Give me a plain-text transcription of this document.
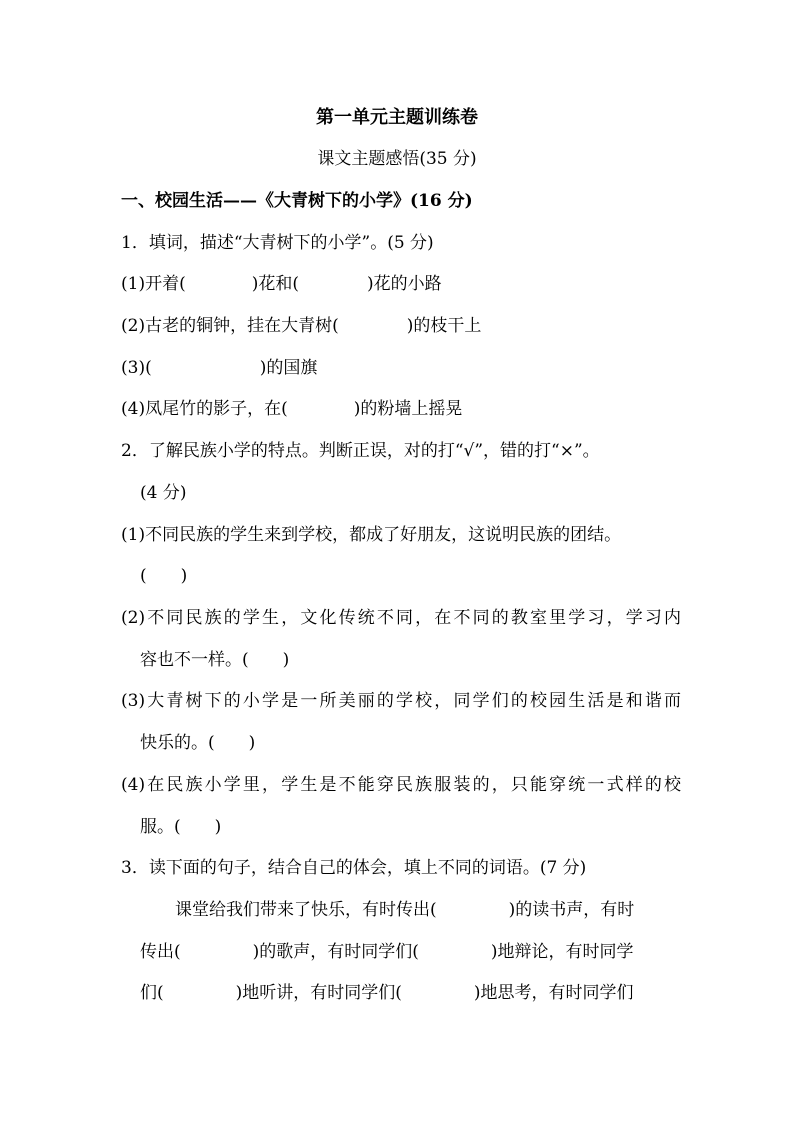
第一单元主题训练卷
课文主题感悟(35 分)
一、校园生活——《大青树下的小学》(16 分)
1．填词，描述“大青树下的小学”。(5 分)
(1)开着(	)花和(	)花的小路
(2)古老的铜钟，挂在大青树(	)的枝干上
(3)(	)的国旗
(4)凤尾竹的影子，在(	)的粉墙上摇晃
2．了解民族小学的特点。判断正误，对的打“√”，错的打“×”。
(4 分)
(1)不同民族的学生来到学校，都成了好朋友，这说明民族的团结。
(　　)
(2)不同民族的学生，文化传统不同，在不同的教室里学习，学习内
容也不一样。(　　)
(3)大青树下的小学是一所美丽的学校，同学们的校园生活是和谐而
快乐的。(　　)
(4)在民族小学里，学生是不能穿民族服装的，只能穿统一式样的校
服。(　　)
3．读下面的句子，结合自己的体会，填上不同的词语。(7 分)
课堂给我们带来了快乐，有时传出(	)的读书声，有时
传出(	)的歌声，有时同学们(	)地辩论，有时同学
们(	)地听讲，有时同学们(	)地思考，有时同学们
